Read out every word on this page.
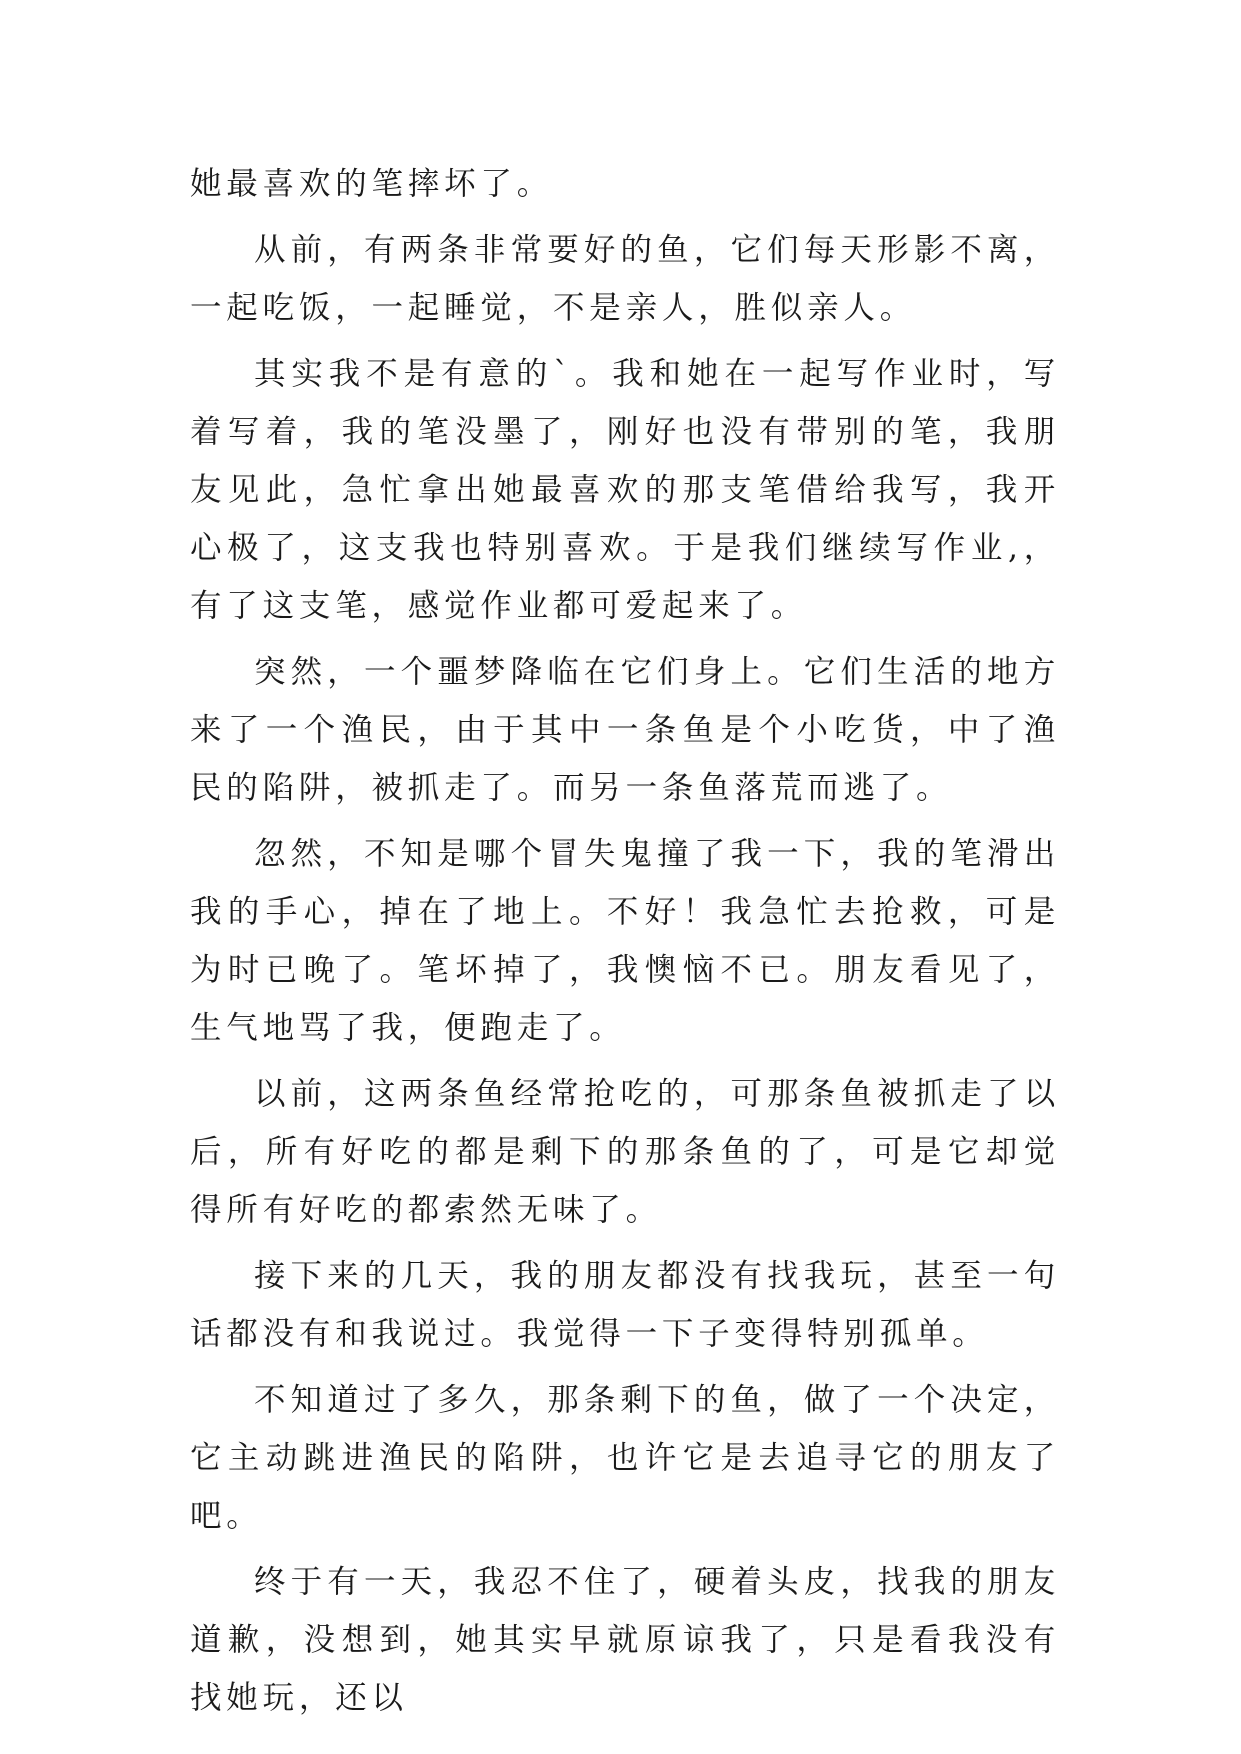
她最喜欢的笔摔坏了。

从前，有两条非常要好的鱼，它们每天形影不离，一起吃饭，一起睡觉，不是亲人，胜似亲人。

其实我不是有意的`。我和她在一起写作业时，写着写着，我的笔没墨了，刚好也没有带别的笔，我朋友见此，急忙拿出她最喜欢的那支笔借给我写，我开心极了，这支我也特别喜欢。于是我们继续写作业,，有了这支笔，感觉作业都可爱起来了。

突然，一个噩梦降临在它们身上。它们生活的地方来了一个渔民，由于其中一条鱼是个小吃货，中了渔民的陷阱，被抓走了。而另一条鱼落荒而逃了。

忽然，不知是哪个冒失鬼撞了我一下，我的笔滑出我的手心，掉在了地上。不好！我急忙去抢救，可是为时已晚了。笔坏掉了，我懊恼不已。朋友看见了，生气地骂了我，便跑走了。

以前，这两条鱼经常抢吃的，可那条鱼被抓走了以后，所有好吃的都是剩下的那条鱼的了，可是它却觉得所有好吃的都索然无味了。

接下来的几天，我的朋友都没有找我玩，甚至一句话都没有和我说过。我觉得一下子变得特别孤单。

不知道过了多久，那条剩下的鱼，做了一个决定，它主动跳进渔民的陷阱，也许它是去追寻它的朋友了吧。

终于有一天，我忍不住了，硬着头皮，找我的朋友道歉，没想到，她其实早就原谅我了，只是看我没有找她玩，还以
